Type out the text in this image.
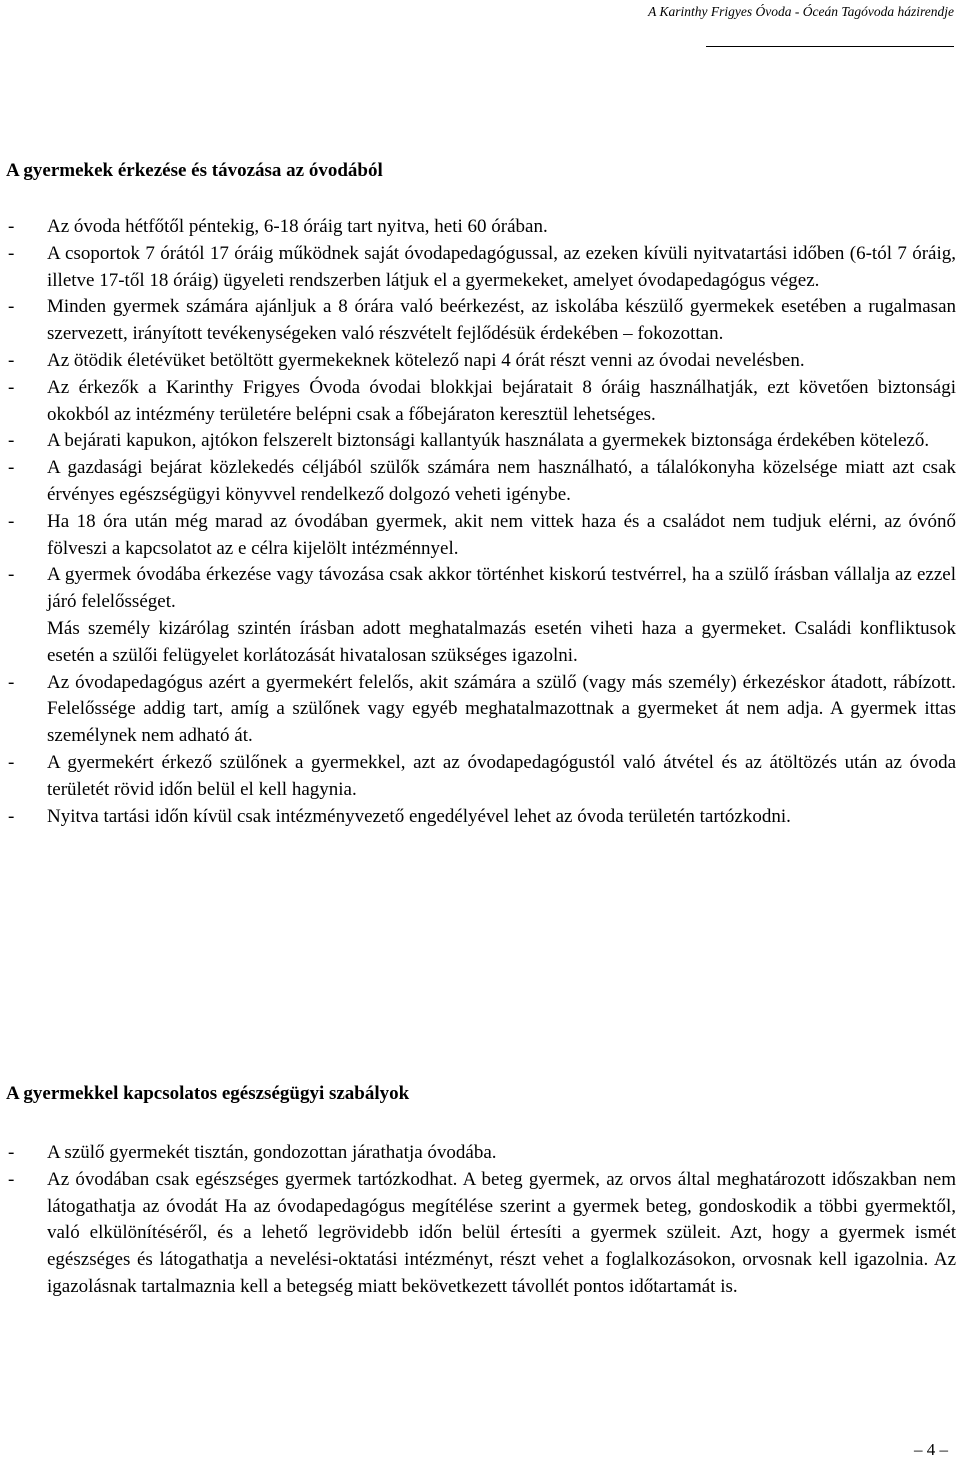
A Karinthy Frigyes Óvoda - Óceán Tagóvoda házirendje
A gyermekek érkezése és távozása az óvodából
- Az óvoda hétfőtől péntekig, 6-18 óráig tart nyitva, heti 60 órában.
- A csoportok 7 órától 17 óráig működnek saját óvodapedagógussal, az ezeken kívüli nyitvatartási időben (6-tól 7 óráig, illetve 17-től 18 óráig) ügyeleti rendszerben látjuk el a gyermekeket, amelyet óvodapedagógus végez.
- Minden gyermek számára ajánljuk a 8 órára való beérkezést, az iskolába készülő gyermekek esetében a rugalmasan szervezett, irányított tevékenységeken való részvételt fejlődésük érdekében – fokozottan.
- Az ötödik életévüket betöltött gyermekeknek kötelező napi 4 órát részt venni az óvodai nevelésben.
- Az érkezők a Karinthy Frigyes Óvoda óvodai blokkjai bejáratait 8 óráig használhatják, ezt követően biztonsági okokból az intézmény területére belépni csak a főbejáraton keresztül lehetséges.
- A bejárati kapukon, ajtókon felszerelt biztonsági kallantyúk használata a gyermekek biztonsága érdekében kötelező.
- A gazdasági bejárat közlekedés céljából szülők számára nem használható, a tálalókonyha közelsége miatt azt csak érvényes egészségügyi könyvvel rendelkező dolgozó veheti igénybe.
- Ha 18 óra után még marad az óvodában gyermek, akit nem vittek haza és a családot nem tudjuk elérni, az óvónő fölveszi a kapcsolatot az e célra kijelölt intézménnyel.
- A gyermek óvodába érkezése vagy távozása csak akkor történhet kiskorú testvérrel, ha a szülő írásban vállalja az ezzel járó felelősséget.
Más személy kizárólag szintén írásban adott meghatalmazás esetén viheti haza a gyermeket. Családi konfliktusok esetén a szülői felügyelet korlátozását hivatalosan szükséges igazolni.
- Az óvodapedagógus azért a gyermekért felelős, akit számára a szülő (vagy más személy) érkezéskor átadott, rábízott. Felelőssége addig tart, amíg a szülőnek vagy egyéb meghatalmazottnak a gyermeket át nem adja. A gyermek ittas személynek nem adható át.
- A gyermekért érkező szülőnek a gyermekkel, azt az óvodapedagógustól való átvétel és az átöltözés után az óvoda területét rövid időn belül el kell hagynia.
- Nyitva tartási időn kívül csak intézményvezető engedélyével lehet az óvoda területén tartózkodni.
A gyermekkel kapcsolatos egészségügyi szabályok
- A szülő gyermekét tisztán, gondozottan járathatja óvodába.
- Az óvodában csak egészséges gyermek tartózkodhat. A beteg gyermek, az orvos által meghatározott időszakban nem látogathatja az óvodát Ha az óvodapedagógus megítélése szerint a gyermek beteg, gondoskodik a többi gyermektől, való elkülönítéséről, és a lehető legrövidebb időn belül értesíti a gyermek szüleit. Azt, hogy a gyermek ismét egészséges és látogathatja a nevelési-oktatási intézményt, részt vehet a foglalkozásokon, orvosnak kell igazolnia. Az igazolásnak tartalmaznia kell a betegség miatt bekövetkezett távollét pontos időtartamát is.
– 4 –
